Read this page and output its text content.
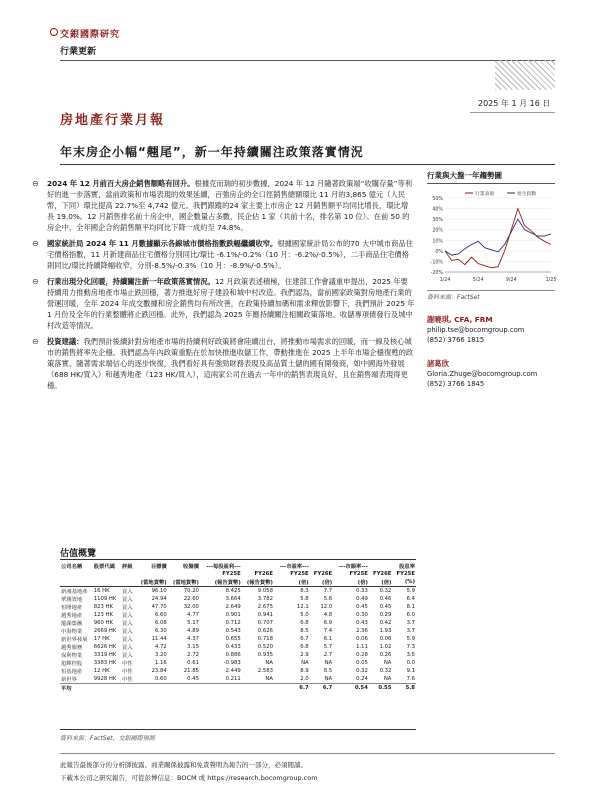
交銀國際研究
行業更新
房地產行業月報
2025 年 1 月 16 日
年末房企小幅“翹尾”，新一年持續關注政策落實情況
⊖ 2024 年 12 月前百大房企銷售額略有回升。根據克而瑞的初步數據，2024 年 12 月隨著政策端“收購存量”等利好的進一步落實，當前政策和市場表現的效果延續，百強房企的全口徑銷售總額環比 11 月的3,865 億元（人民幣，下同）環比提高 22.7%至 4,742 億元。我們跟蹤的24 家主要上市房企 12 月銷售額平均同比增長，環比增長 19.0%。12 月銷售排名前十房企中，國企數量占多數，民企佔 1 家（共前十名，排名第 10 位）。在前 50 的房企中，全年國企合約銷售額平均同比下降一成約至 74.8%。
⊖ 國家統計局 2024 年 11 月數據顯示各線城市價格指數跌幅繼續收窄。根據國家統計局公布的70 大中城市商品住宅價格指數，11 月新建商品住宅價格分別同比/環比 -6.1%/-0.2%（10 月：-6.2%/-0.5%），二手商品住宅價格則同比/環比持續降幅收窄，分別-8.5%/-0.3%（10 月：-8.9%/-0.5%）。
⊖ 行業出現分化回暖，持續關注新一年政策落實情況。12 月政策表述積極，住建部工作會議重申提出，2025 年要持續用力推動房地產市場止跌回穩，著力推進好房子建設和城中村改造。我們認為，當前國家政策對房地產行業的營運回暖，全年 2024 年成交數據和房企銷售均有所改善，在政策持續加碼和需求釋放影響下，我們預計 2025 年 1 月份及全年的行業整體將止跌回穩。此外，我們認為 2025 年應持續關注相關政策落地、收儲專項債發行及城中村改造等情況。
⊖ 投資建議：我們預計後續針對房地產市場的持續利好政策將會陸續出台，將推動市場需求的回暖，而一線及核心城市的銷售將率先企穩。我們認為年內政策重點在於加快推進收儲工作，帶動推進在 2025 上半年市場企穩復甦的政策落實。隨著需求端信心的逐步恢復，我們看好具有強勁財務表現及高品質土儲的國有開發商，如中國海外發展（688 HK/買入）和越秀地產（123 HK/買入），這兩家公司在過去一年中的銷售表現良好，且在銷售端表現得更穩。
行業與大盤一年趨勢圖
-20%
-10%
0%
10%
20%
30%
40%
50%
1/24	5/24	9/24	1/25
行業表現	恒生指數
資料來源：FactSet
謝曉琪, CFA, FRM
philip.tse@bocomgroup.com
(852) 3766 1815
諸葛欣
Gloria.Zhuge@bocomgroup.com
(852) 3766 1845
估值概覽
公司名稱	股票代碼	評級	目標價	收盤價	---每股盈利---		---市盈率---		---市賬率---		股息率
					FY25E	FY26E	FY25E	FY26E	FY25E	FY26E	FY25E
			(當地貨幣)	(當地貨幣)	(報告貨幣)	(報告貨幣)	(倍)	(倍)	(倍)	(倍)	(%)
新鴻基地產	16 HK	買入	96.10	70.20	8.425	9.058	8.3	7.7	0.33	0.32	5.9
華潤置地	1109 HK	買入	24.94	22.60	3.664	3.782	5.8	5.6	0.49	0.46	6.4
恒隆地產	823 HK	買入	47.70	32.00	2.649	2.675	12.1	12.0	0.45	0.45	8.1
越秀地產	123 HK	買入	6.60	4.77	0.901	0.941	5.0	4.8	0.30	0.29	6.0
龍湖集團	960 HK	買入	6.08	5.17	0.712	0.707	6.8	6.9	0.43	0.42	3.7
中海物業	2669 HK	買入	6.30	4.89	0.543	0.626	8.5	7.4	2.36	1.93	3.7
新世界發展	17 HK	買入	11.44	4.37	0.655	0.718	6.7	6.1	0.06	0.06	5.9
越秀服務	6626 HK	買入	4.72	3.15	0.433	0.520	6.8	5.7	1.11	1.02	7.3
保利物業	3319 HK	買入	3.20	2.72	0.886	0.935	2.9	2.7	0.28	0.26	3.5
旭輝控股	3383 HK	中性	1.16	0.61	-0.983	NA	NA	NA	0.05	NA	0.0
恒基地產	12 HK	中性	23.84	21.85	2.449	2.583	8.9	8.5	0.32	0.32	9.1
新世界	9928 HK	中性	0.60	0.45	0.211	NA	2.0	NA	0.24	NA	7.6
平均							6.7	6.7	0.54	0.55	5.8
資料來源：FactSet、交銀國際預測
此報告最後部分的分析師披露、商業關係披露和免責聲明為報告的一部分，必須閱讀。
下載本公司之研究報告，可從彭博信息：BOCM 或 https://research.bocomgroup.com
